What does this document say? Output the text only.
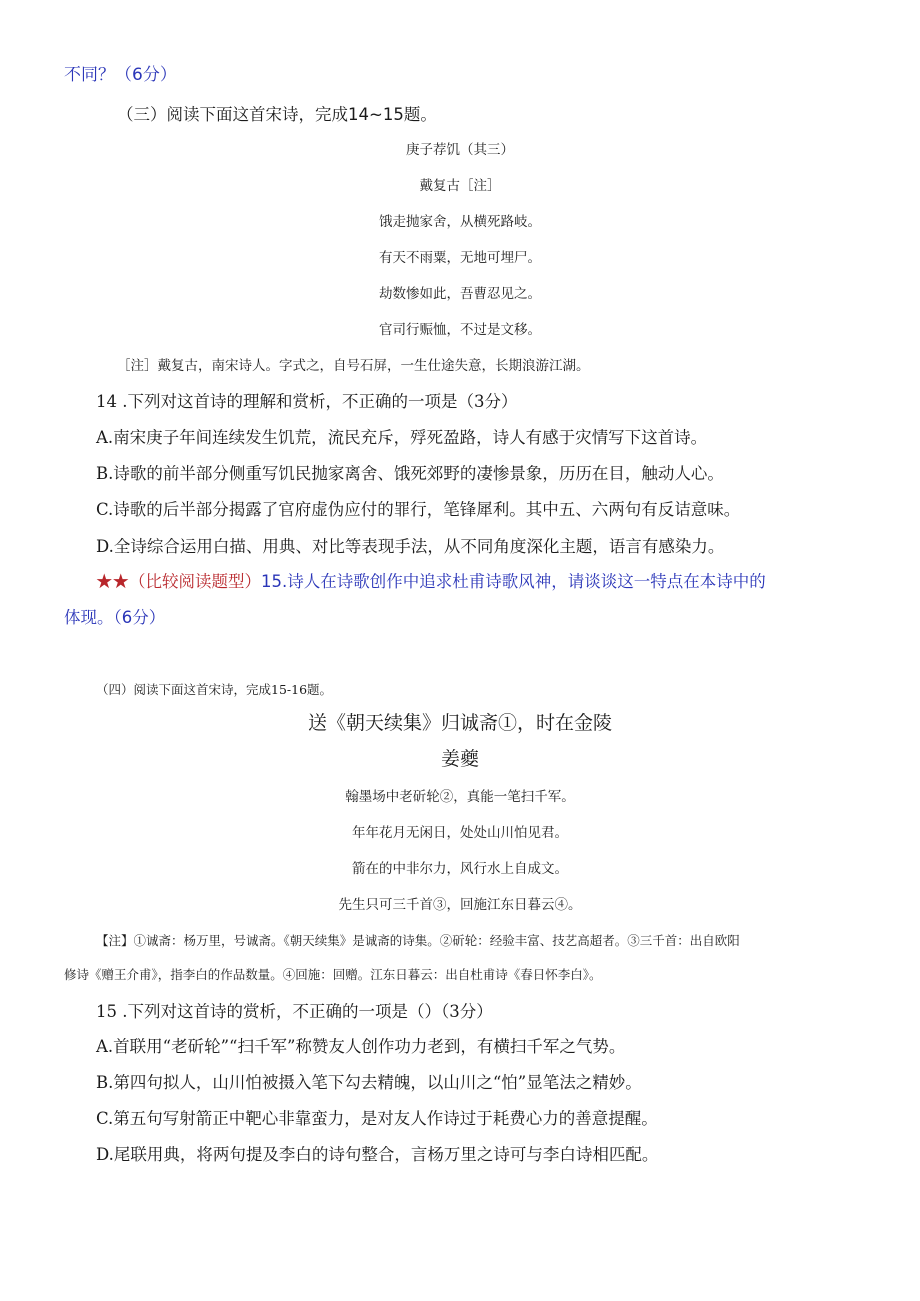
不同？（6分）
（三）阅读下面这首宋诗，完成14~15题。
庚子荐饥（其三）
戴复古［注］
饿走抛家舍，从横死路岐。
有天不雨粟，无地可埋尸。
劫数惨如此，吾曹忍见之。
官司行赈恤，不过是文移。
［注］戴复古，南宋诗人。字式之，自号石屏，一生仕途失意，长期浪游江湖。
14 .下列对这首诗的理解和赏析，不正确的一项是（3分）
A.南宋庚子年间连续发生饥荒，流民充斥，殍死盈路，诗人有感于灾情写下这首诗。
B.诗歌的前半部分侧重写饥民抛家离舍、饿死郊野的凄惨景象，历历在目，触动人心。
C.诗歌的后半部分揭露了官府虚伪应付的罪行，笔锋犀利。其中五、六两句有反诘意味。
D.全诗综合运用白描、用典、对比等表现手法，从不同角度深化主题，语言有感染力。
★★（比较阅读题型）15.诗人在诗歌创作中追求杜甫诗歌风神，请谈谈这一特点在本诗中的
体现。（6分）
（四）阅读下面这首宋诗，完成15-16题。
送《朝天续集》归诚斋①，时在金陵
姜夔
翰墨场中老斫轮②，真能一笔扫千军。
年年花月无闲日，处处山川怕见君。
箭在的中非尔力，风行水上自成文。
先生只可三千首③，回施江东日暮云④。
【注】①诚斋：杨万里，号诚斋。《朝天续集》是诚斋的诗集。②斫轮：经验丰富、技艺高超者。③三千首：出自欧阳
修诗《赠王介甫》，指李白的作品数量。④回施：回赠。江东日暮云：出自杜甫诗《春日怀李白》。
15 .下列对这首诗的赏析，不正确的一项是（）（3分）
A.首联用“老斫轮”“扫千军”称赞友人创作功力老到，有横扫千军之气势。
B.第四句拟人，山川怕被摄入笔下勾去精魄，以山川之“怕”显笔法之精妙。
C.第五句写射箭正中靶心非靠蛮力，是对友人作诗过于耗费心力的善意提醒。
D.尾联用典，将两句提及李白的诗句整合，言杨万里之诗可与李白诗相匹配。
